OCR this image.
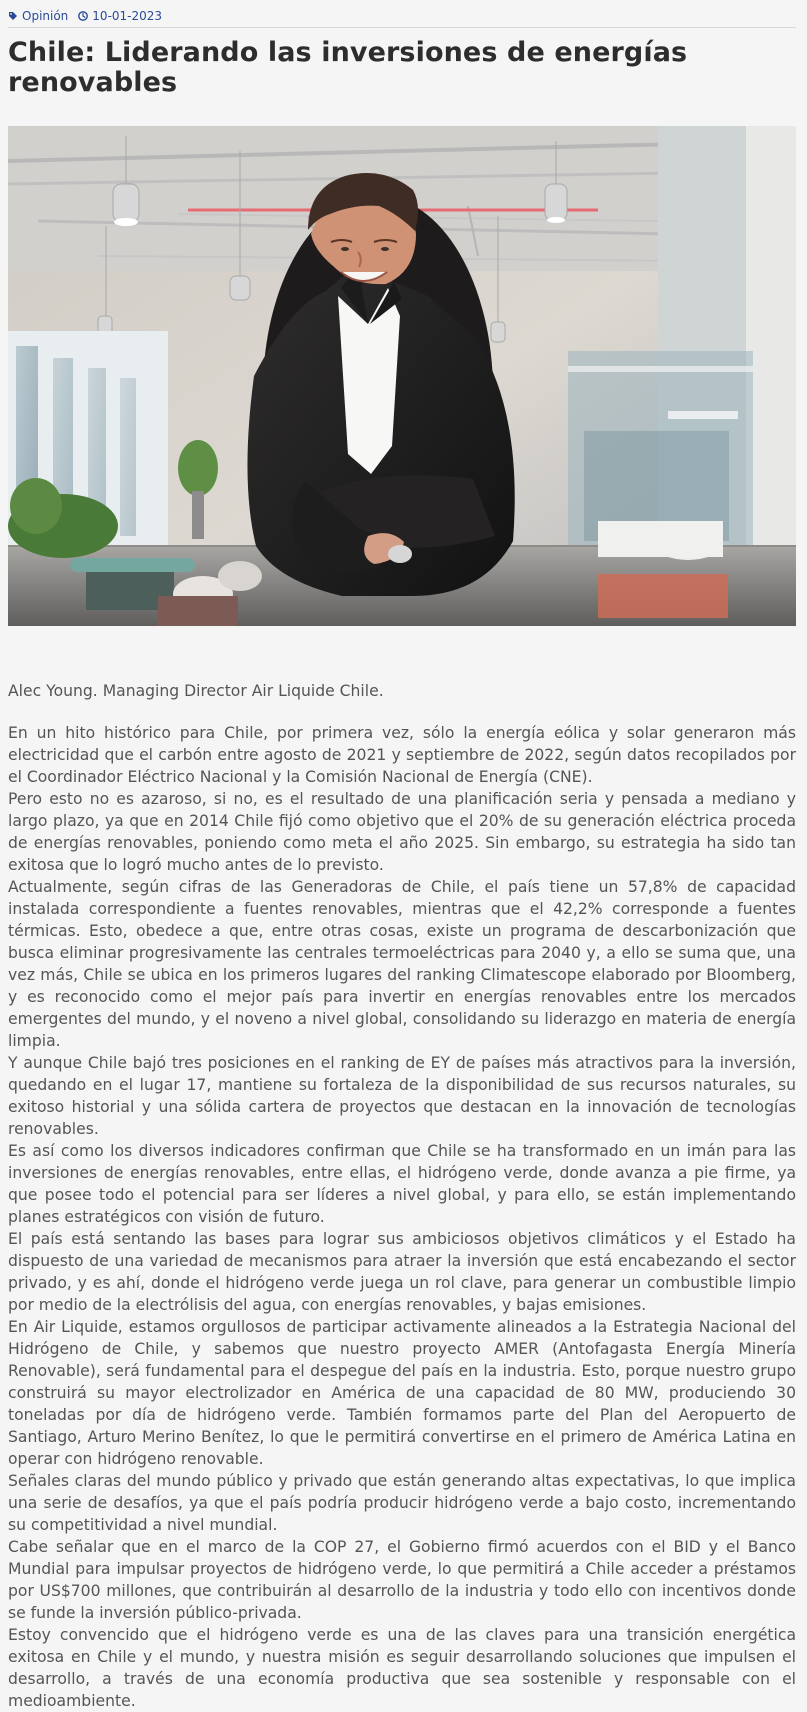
Opinión 10-01-2023
Chile: Liderando las inversiones de energías renovables
Alec Young. Managing Director Air Liquide Chile.

En un hito histórico para Chile, por primera vez, sólo la energía eólica y solar generaron más electricidad que el carbón entre agosto de 2021 y septiembre de 2022, según datos recopilados por el Coordinador Eléctrico Nacional y la Comisión Nacional de Energía (CNE).

Pero esto no es azaroso, si no, es el resultado de una planificación seria y pensada a mediano y largo plazo, ya que en 2014 Chile fijó como objetivo que el 20% de su generación eléctrica proceda de energías renovables, poniendo como meta el año 2025. Sin embargo, su estrategia ha sido tan exitosa que lo logró mucho antes de lo previsto.

Actualmente, según cifras de las Generadoras de Chile, el país tiene un 57,8% de capacidad instalada correspondiente a fuentes renovables, mientras que el 42,2% corresponde a fuentes térmicas. Esto, obedece a que, entre otras cosas, existe un programa de descarbonización que busca eliminar progresivamente las centrales termoeléctricas para 2040 y, a ello se suma que, una vez más, Chile se ubica en los primeros lugares del ranking Climatescope elaborado por Bloomberg, y es reconocido como el mejor país para invertir en energías renovables entre los mercados emergentes del mundo, y el noveno a nivel global, consolidando su liderazgo en materia de energía limpia.

Y aunque Chile bajó tres posiciones en el ranking de EY de países más atractivos para la inversión, quedando en el lugar 17, mantiene su fortaleza de la disponibilidad de sus recursos naturales, su exitoso historial y una sólida cartera de proyectos que destacan en la innovación de tecnologías renovables.

Es así como los diversos indicadores confirman que Chile se ha transformado en un imán para las inversiones de energías renovables, entre ellas, el hidrógeno verde, donde avanza a pie firme, ya que posee todo el potencial para ser líderes a nivel global, y para ello, se están implementando planes estratégicos con visión de futuro.

El país está sentando las bases para lograr sus ambiciosos objetivos climáticos y el Estado ha dispuesto de una variedad de mecanismos para atraer la inversión que está encabezando el sector privado, y es ahí, donde el hidrógeno verde juega un rol clave, para generar un combustible limpio por medio de la electrólisis del agua, con energías renovables, y bajas emisiones.

En Air Liquide, estamos orgullosos de participar activamente alineados a la Estrategia Nacional del Hidrógeno de Chile, y sabemos que nuestro proyecto AMER (Antofagasta Energía Minería Renovable), será fundamental para el despegue del país en la industria. Esto, porque nuestro grupo construirá su mayor electrolizador en América de una capacidad de 80 MW, produciendo 30 toneladas por día de hidrógeno verde. También formamos parte del Plan del Aeropuerto de Santiago, Arturo Merino Benítez, lo que le permitirá convertirse en el primero de América Latina en operar con hidrógeno renovable.

Señales claras del mundo público y privado que están generando altas expectativas, lo que implica una serie de desafíos, ya que el país podría producir hidrógeno verde a bajo costo, incrementando su competitividad a nivel mundial.

Cabe señalar que en el marco de la COP 27, el Gobierno firmó acuerdos con el BID y el Banco Mundial para impulsar proyectos de hidrógeno verde, lo que permitirá a Chile acceder a préstamos por US$700 millones, que contribuirán al desarrollo de la industria y todo ello con incentivos donde se funde la inversión público-privada.

Estoy convencido que el hidrógeno verde es una de las claves para una transición energética exitosa en Chile y el mundo, y nuestra misión es seguir desarrollando soluciones que impulsen el desarrollo, a través de una economía productiva que sea sostenible y responsable con el medioambiente.
